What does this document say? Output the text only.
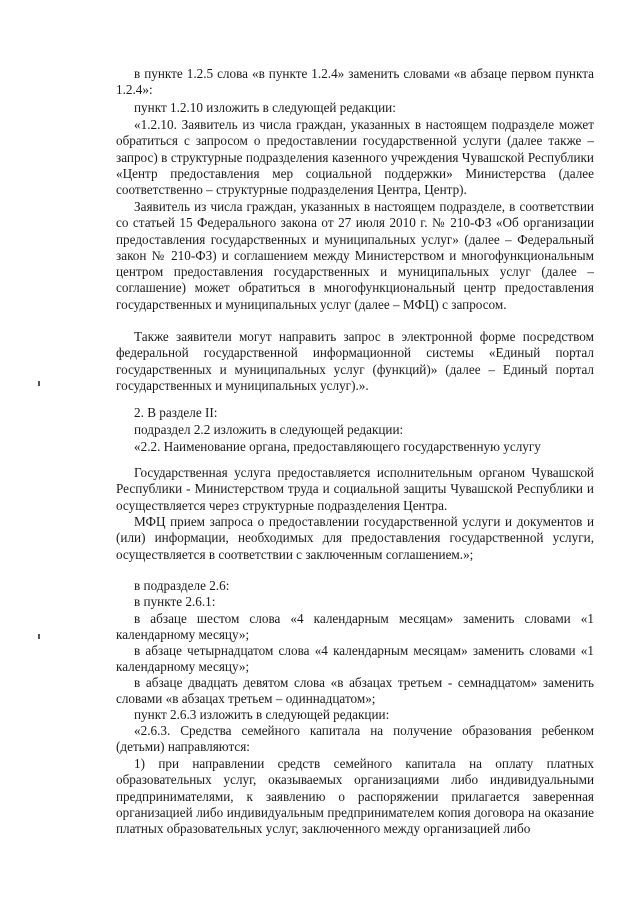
в пункте 1.2.5 слова «в пункте 1.2.4» заменить словами «в абзаце первом пункта 1.2.4»:

пункт 1.2.10 изложить в следующей редакции:

«1.2.10. Заявитель из числа граждан, указанных в настоящем подразделе может обратиться с запросом о предоставлении государственной услуги (далее также – запрос) в структурные подразделения казенного учреждения Чувашской Республики «Центр предоставления мер социальной поддержки» Министерства (далее соответственно – структурные подразделения Центра, Центр).

Заявитель из числа граждан, указанных в настоящем подразделе, в соответствии со статьей 15 Федерального закона от 27 июля 2010 г. № 210-ФЗ «Об организации предоставления государственных и муниципальных услуг» (далее – Федеральный закон № 210-ФЗ) и соглашением между Министерством и многофункциональным центром предоставления государственных и муниципальных услуг (далее – соглашение) может обратиться в многофункциональный центр предоставления государственных и муниципальных услуг (далее – МФЦ) с запросом.

Также заявители могут направить запрос в электронной форме посредством федеральной государственной информационной системы «Единый портал государственных и муниципальных услуг (функций)» (далее – Единый портал государственных и муниципальных услуг).».

2. В разделе II:

подраздел 2.2 изложить в следующей редакции:

«2.2. Наименование органа, предоставляющего государственную услугу

Государственная услуга предоставляется исполнительным органом Чувашской Республики - Министерством труда и социальной защиты Чувашской Республики и осуществляется через структурные подразделения Центра.

МФЦ прием запроса о предоставлении государственной услуги и документов и (или) информации, необходимых для предоставления государственной услуги, осуществляется в соответствии с заключенным соглашением.»;

в подразделе 2.6:

в пункте 2.6.1:

в абзаце шестом слова «4 календарным месяцам» заменить словами «1 календарному месяцу»;

в абзаце четырнадцатом слова «4 календарным месяцам» заменить словами «1 календарному месяцу»;

в абзаце двадцать девятом слова «в абзацах третьем - семнадцатом» заменить словами «в абзацах третьем – одиннадцатом»;

пункт 2.6.3 изложить в следующей редакции:

«2.6.3. Средства семейного капитала на получение образования ребенком (детьми) направляются:

1) при направлении средств семейного капитала на оплату платных образовательных услуг, оказываемых организациями либо индивидуальными предпринимателями, к заявлению о распоряжении прилагается заверенная организацией либо индивидуальным предпринимателем копия договора на оказание платных образовательных услуг, заключенного между организацией либо
